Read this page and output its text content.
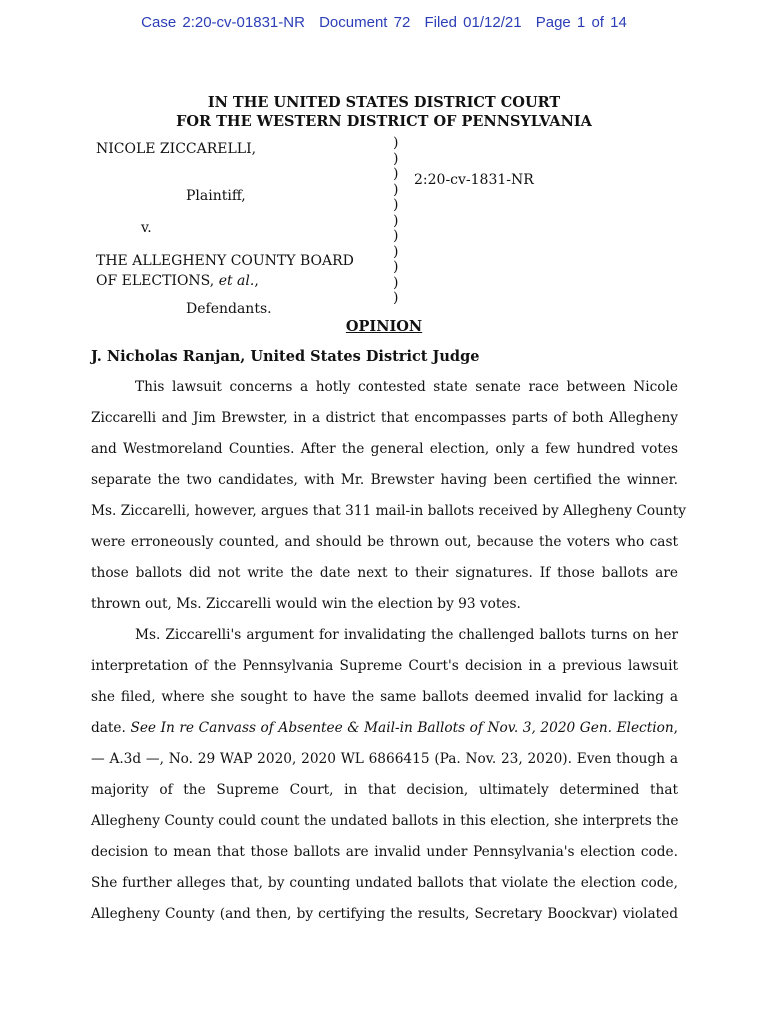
Case 2:20-cv-01831-NR Document 72 Filed 01/12/21 Page 1 of 14
IN THE UNITED STATES DISTRICT COURT
FOR THE WESTERN DISTRICT OF PENNSYLVANIA
NICOLE ZICCARELLI,
Plaintiff,
v.
THE ALLEGHENY COUNTY BOARD
OF ELECTIONS, et al.,
Defendants.
)
)
)
)
)
)
)
)
)
)
)
2:20-cv-1831-NR
OPINION
J. Nicholas Ranjan, United States District Judge
This lawsuit concerns a hotly contested state senate race between Nicole
Ziccarelli and Jim Brewster, in a district that encompasses parts of both Allegheny
and Westmoreland Counties. After the general election, only a few hundred votes
separate the two candidates, with Mr. Brewster having been certified the winner.
Ms. Ziccarelli, however, argues that 311 mail-in ballots received by Allegheny County
were erroneously counted, and should be thrown out, because the voters who cast
those ballots did not write the date next to their signatures. If those ballots are
thrown out, Ms. Ziccarelli would win the election by 93 votes.
Ms. Ziccarelli's argument for invalidating the challenged ballots turns on her
interpretation of the Pennsylvania Supreme Court's decision in a previous lawsuit
she filed, where she sought to have the same ballots deemed invalid for lacking a
date. See In re Canvass of Absentee & Mail-in Ballots of Nov. 3, 2020 Gen. Election,
— A.3d —, No. 29 WAP 2020, 2020 WL 6866415 (Pa. Nov. 23, 2020). Even though a
majority of the Supreme Court, in that decision, ultimately determined that
Allegheny County could count the undated ballots in this election, she interprets the
decision to mean that those ballots are invalid under Pennsylvania's election code.
She further alleges that, by counting undated ballots that violate the election code,
Allegheny County (and then, by certifying the results, Secretary Boockvar) violated
